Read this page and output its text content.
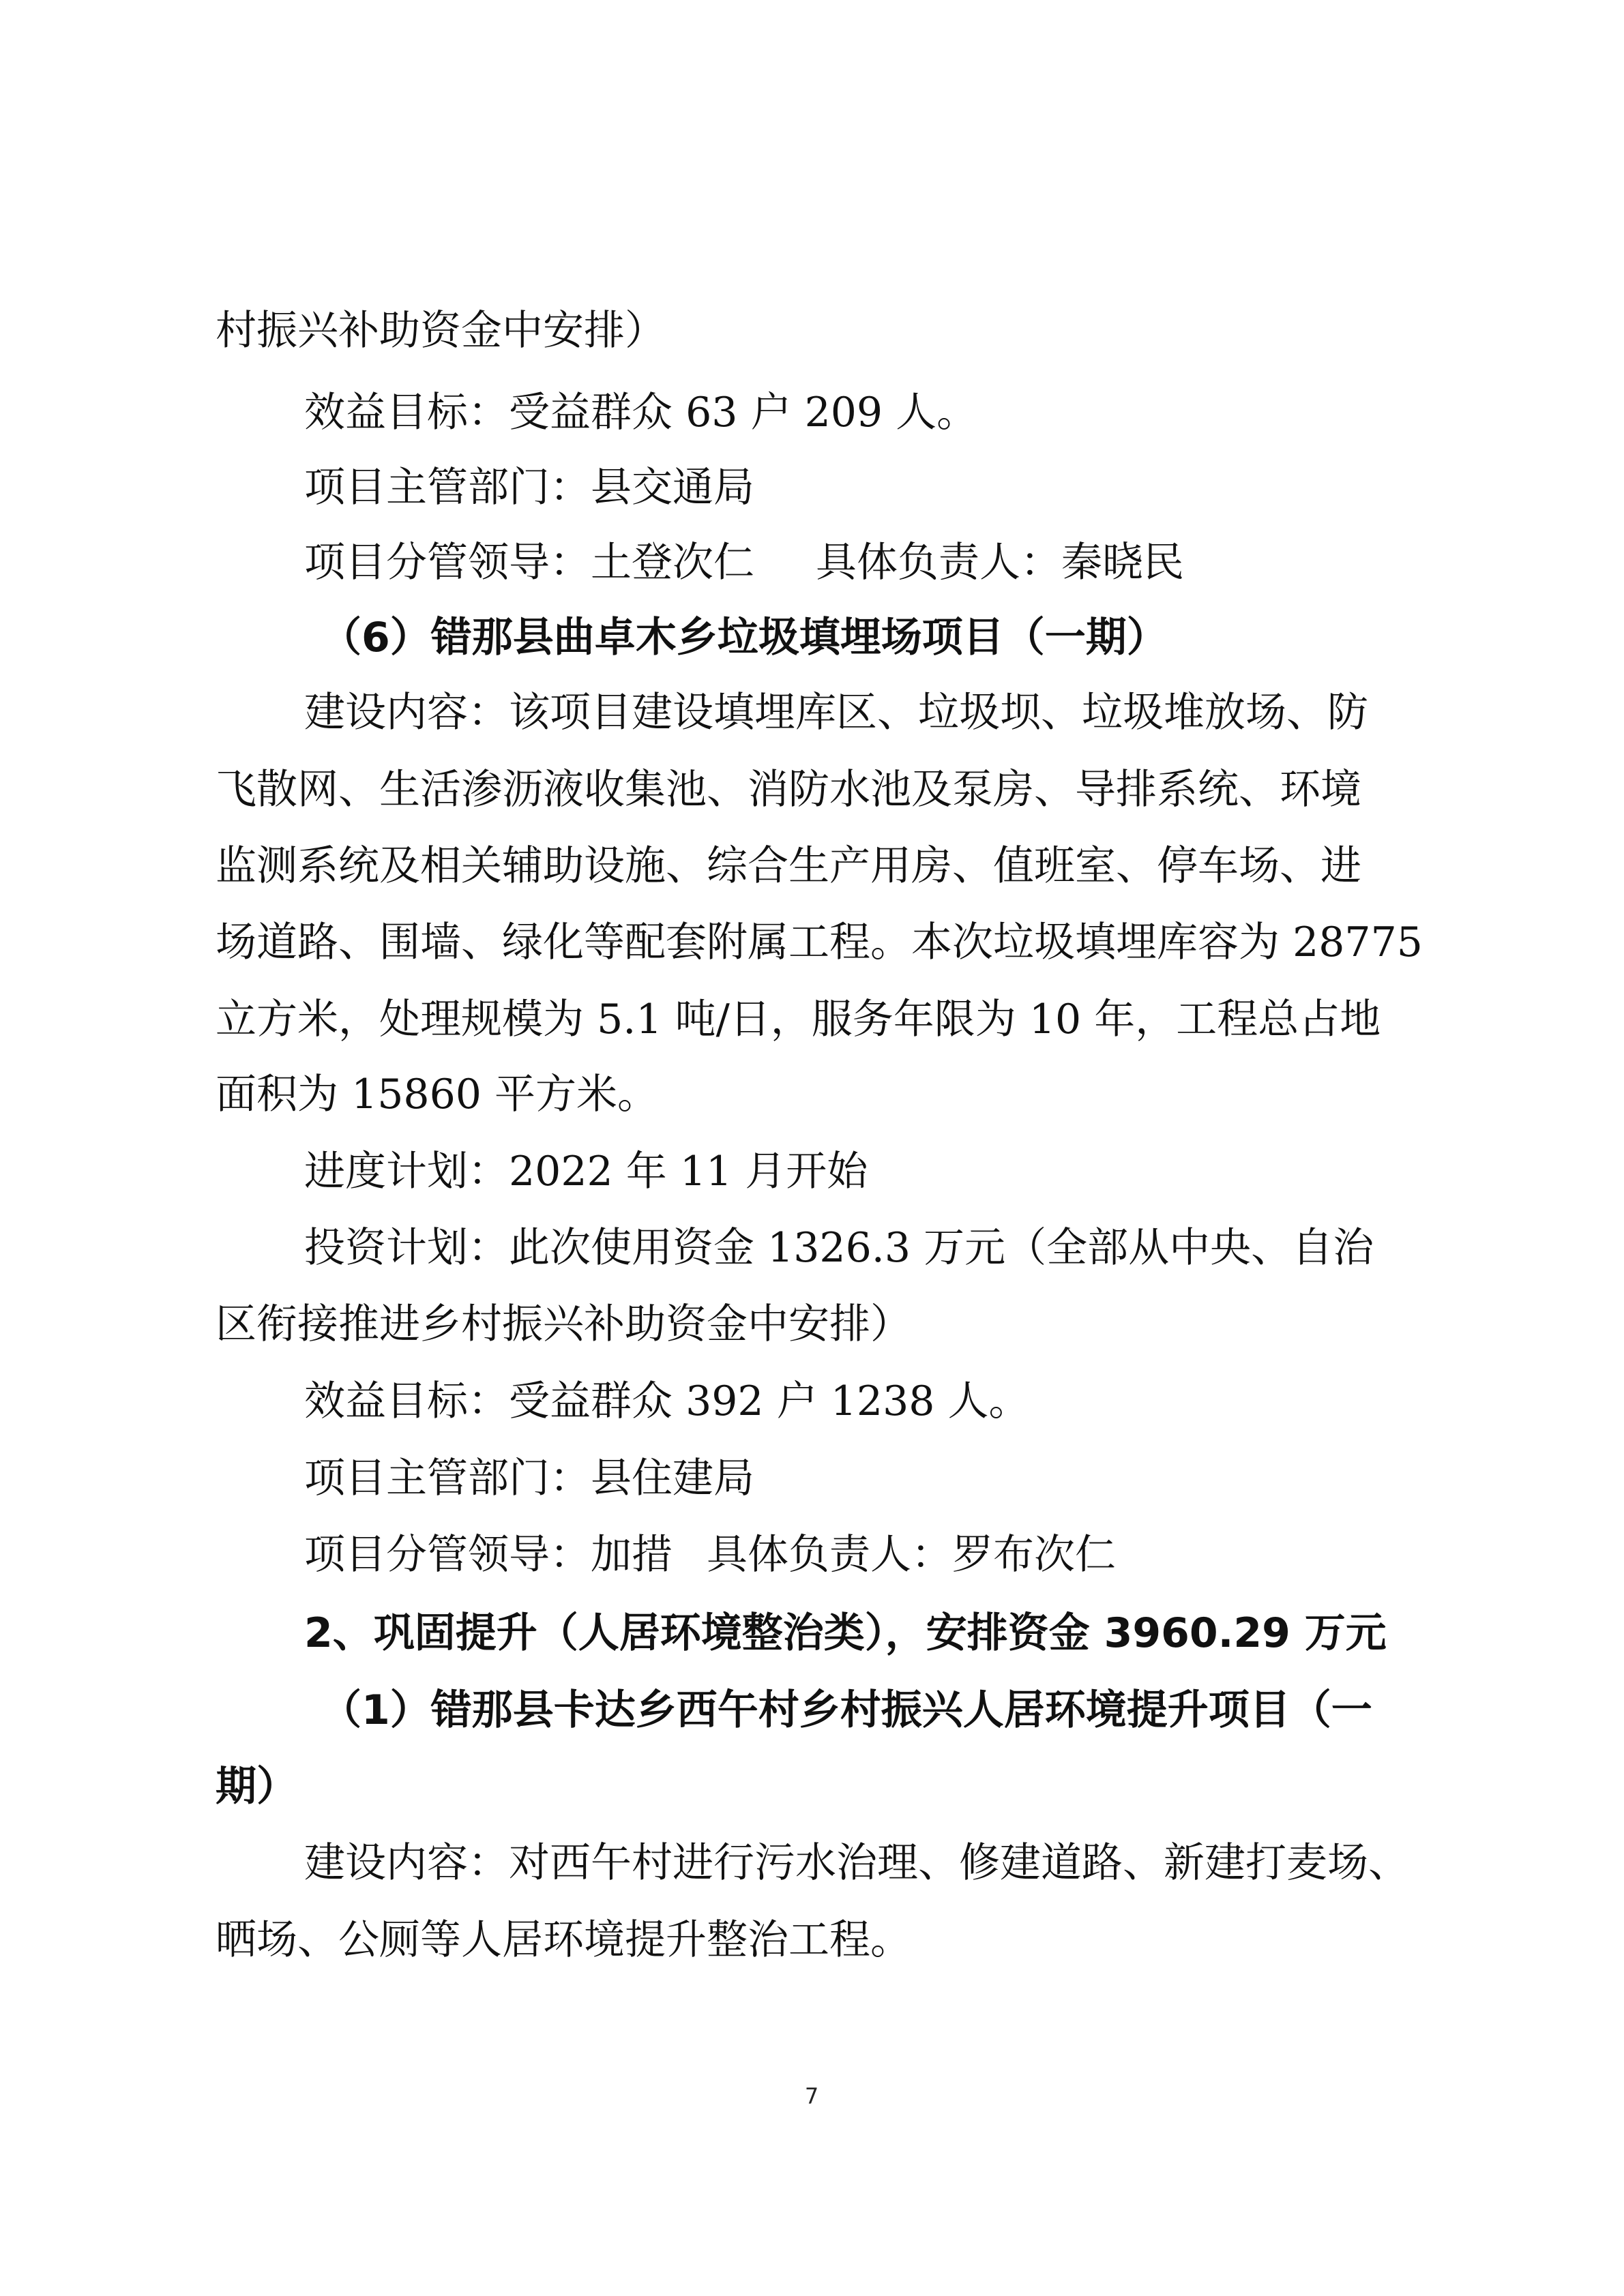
村振兴补助资金中安排）
效益目标：受益群众 63 户 209 人。
项目主管部门：县交通局
项目分管领导：土登次仁 具体负责人：秦晓民
（6）错那县曲卓木乡垃圾填埋场项目（一期）
建设内容：该项目建设填埋库区、垃圾坝、垃圾堆放场、防
飞散网、生活渗沥液收集池、消防水池及泵房、导排系统、环境
监测系统及相关辅助设施、综合生产用房、值班室、停车场、进
场道路、围墙、绿化等配套附属工程。本次垃圾填埋库容为 28775
立方米，处理规模为 5.1 吨/日，服务年限为 10 年，工程总占地
面积为 15860 平方米。
进度计划：2022 年 11 月开始
投资计划：此次使用资金 1326.3 万元（全部从中央、自治
区衔接推进乡村振兴补助资金中安排）
效益目标：受益群众 392 户 1238 人。
项目主管部门：县住建局
项目分管领导：加措 具体负责人：罗布次仁
2、巩固提升（人居环境整治类），安排资金 3960.29 万元
（1）错那县卡达乡西午村乡村振兴人居环境提升项目（一
期）
建设内容：对西午村进行污水治理、修建道路、新建打麦场、
晒场、公厕等人居环境提升整治工程。
7
